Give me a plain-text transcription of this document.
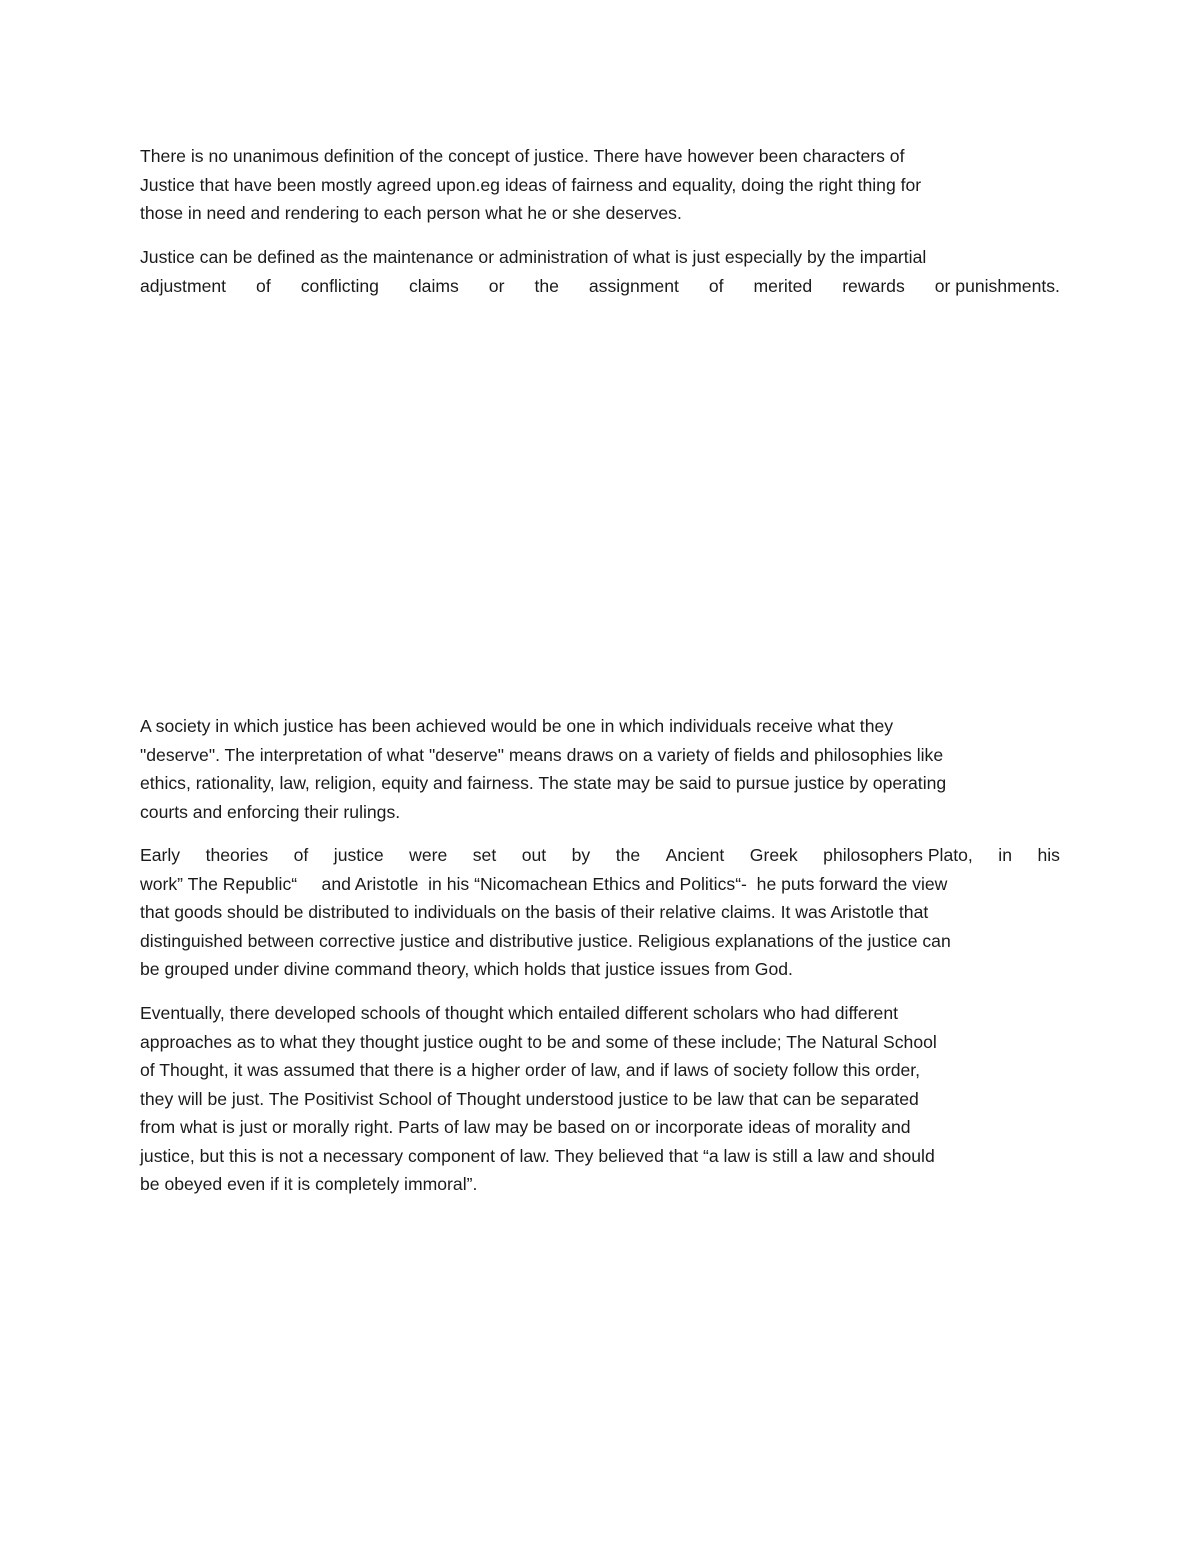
There is no unanimous definition of the concept of justice. There have however been characters of
Justice that have been mostly agreed upon.eg ideas of fairness and equality, doing the right thing for
those in need and rendering to each person what he or she deserves.

Justice can be defined as the maintenance or administration of what is just especially by the impartial
adjustment of conflicting claims or the assignment of merited rewards or punishments.

A society in which justice has been achieved would be one in which individuals receive what they
"deserve". The interpretation of what "deserve" means draws on a variety of fields and philosophies like
ethics, rationality, law, religion, equity and fairness. The state may be said to pursue justice by operating
courts and enforcing their rulings.

Early theories of justice were set out by the Ancient Greek philosophers Plato, in his
work” The Republic“     and Aristotle  in his “Nicomachean Ethics and Politics“-  he puts forward the view
that goods should be distributed to individuals on the basis of their relative claims. It was Aristotle that
distinguished between corrective justice and distributive justice. Religious explanations of the justice can
be grouped under divine command theory, which holds that justice issues from God.

Eventually, there developed schools of thought which entailed different scholars who had different
approaches as to what they thought justice ought to be and some of these include; The Natural School
of Thought, it was assumed that there is a higher order of law, and if laws of society follow this order,
they will be just. The Positivist School of Thought understood justice to be law that can be separated
from what is just or morally right. Parts of law may be based on or incorporate ideas of morality and
justice, but this is not a necessary component of law. They believed that “a law is still a law and should
be obeyed even if it is completely immoral”.
